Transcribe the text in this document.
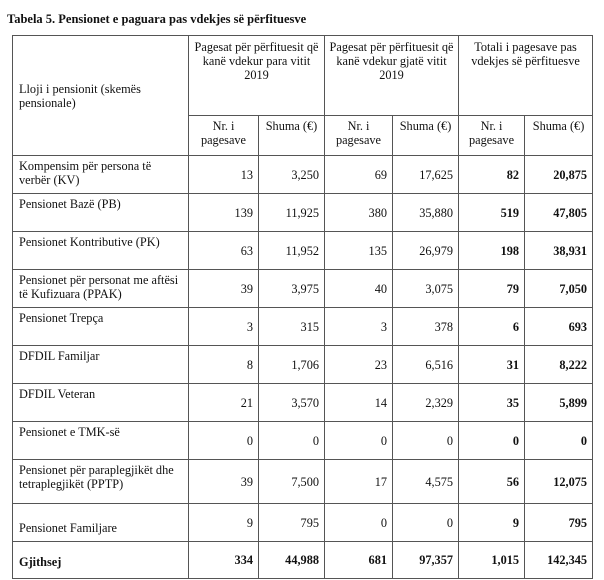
Tabela 5. Pensionet e paguara pas vdekjes së përfituesve
Lloji i pensionit (skemës pensionale)	Pagesat për përfituesit që kanë vdekur para vitit 2019		Pagesat për përfituesit që kanë vdekur gjatë vitit 2019		Totali i pagesave pas vdekjes së përfituesve	
	Nr. i pagesave	Shuma (€)	Nr. i pagesave	Shuma (€)	Nr. i pagesave	Shuma (€)
Kompensim për persona të verbër (KV)	13	3,250	69	17,625	82	20,875
Pensionet Bazë (PB)	139	11,925	380	35,880	519	47,805
Pensionet Kontributive (PK)	63	11,952	135	26,979	198	38,931
Pensionet për personat me aftësi të Kufizuara (PPAK)	39	3,975	40	3,075	79	7,050
Pensionet Trepça	3	315	3	378	6	693
DFDIL Familjar	8	1,706	23	6,516	31	8,222
DFDIL Veteran	21	3,570	14	2,329	35	5,899
Pensionet e TMK-së	0	0	0	0	0	0
Pensionet për paraplegjikët dhe tetraplegjikët (PPTP)	39	7,500	17	4,575	56	12,075
Pensionet Familjare	9	795	0	0	9	795
Gjithsej	334	44,988	681	97,357	1,015	142,345
